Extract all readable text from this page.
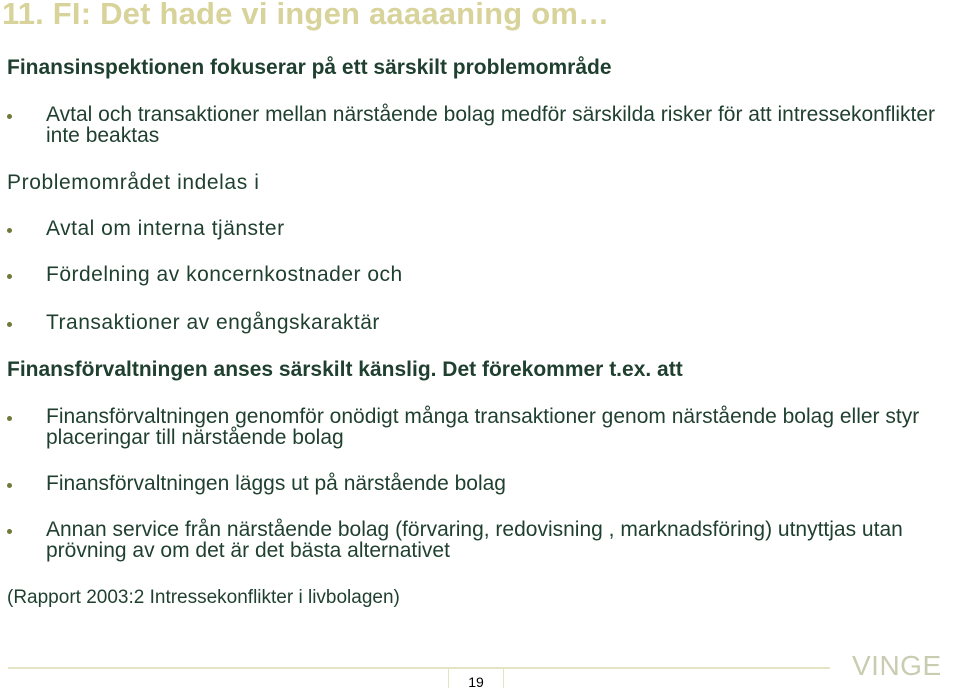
11. FI: Det hade vi ingen aaaaaning om…
Finansinspektionen fokuserar på ett särskilt problemområde
Avtal och transaktioner mellan närstående bolag medför särskilda risker för att intressekonflikter inte beaktas
Problemområdet indelas i
Avtal om interna tjänster
Fördelning av koncernkostnader och
Transaktioner av engångskaraktär
Finansförvaltningen anses särskilt känslig. Det förekommer t.ex. att
Finansförvaltningen genomför onödigt många transaktioner genom närstående bolag eller styr placeringar till närstående bolag
Finansförvaltningen läggs ut på närstående bolag
Annan service från närstående bolag (förvaring, redovisning , marknadsföring) utnyttjas utan prövning av om det är det bästa alternativet
(Rapport 2003:2 Intressekonflikter i livbolagen)
19
VINGE
